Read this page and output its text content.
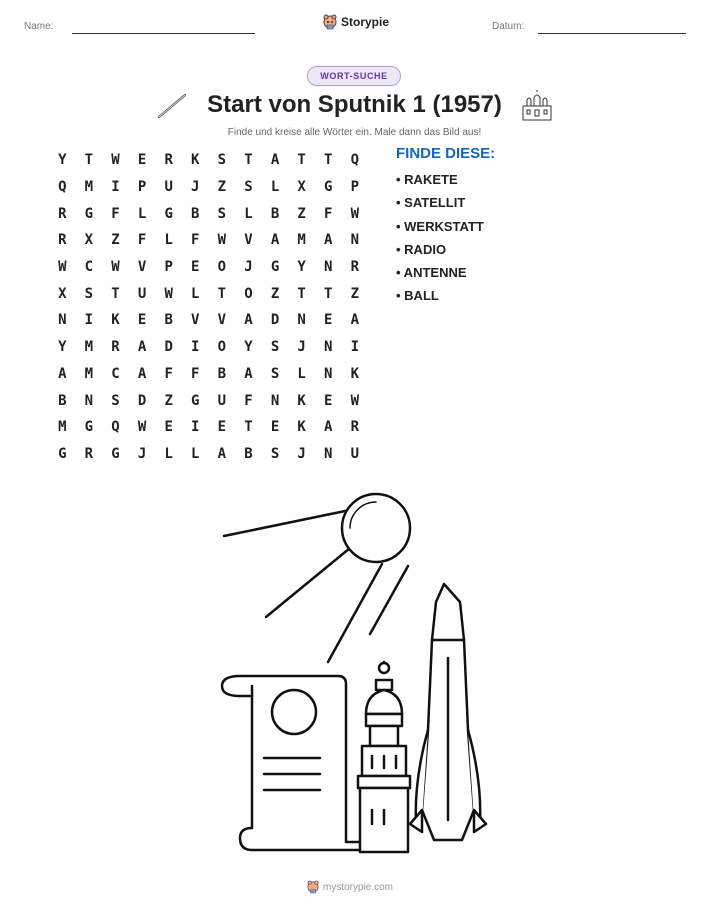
Name:	Storypie	Datum:
WORT-SUCHE
Start von Sputnik 1 (1957)
Finde und kreise alle Wörter ein. Male dann das Bild aus!
Y	T	W	E	R	K	S	T	A	T	T	Q
Q	M	I	P	U	J	Z	S	L	X	G	P
R	G	F	L	G	B	S	L	B	Z	F	W
R	X	Z	F	L	F	W	V	A	M	A	N
W	C	W	V	P	E	O	J	G	Y	N	R
X	S	T	U	W	L	T	O	Z	T	T	Z
N	I	K	E	B	V	V	A	D	N	E	A
Y	M	R	A	D	I	O	Y	S	J	N	I
A	M	C	A	F	F	B	A	S	L	N	K
B	N	S	D	Z	G	U	F	N	K	E	W
M	G	Q	W	E	I	E	T	E	K	A	R
G	R	G	J	L	L	A	B	S	J	N	U
FINDE DIESE:
• RAKETE
• SATELLIT
• WERKSTATT
• RADIO
• ANTENNE
• BALL
mystorypie.com
